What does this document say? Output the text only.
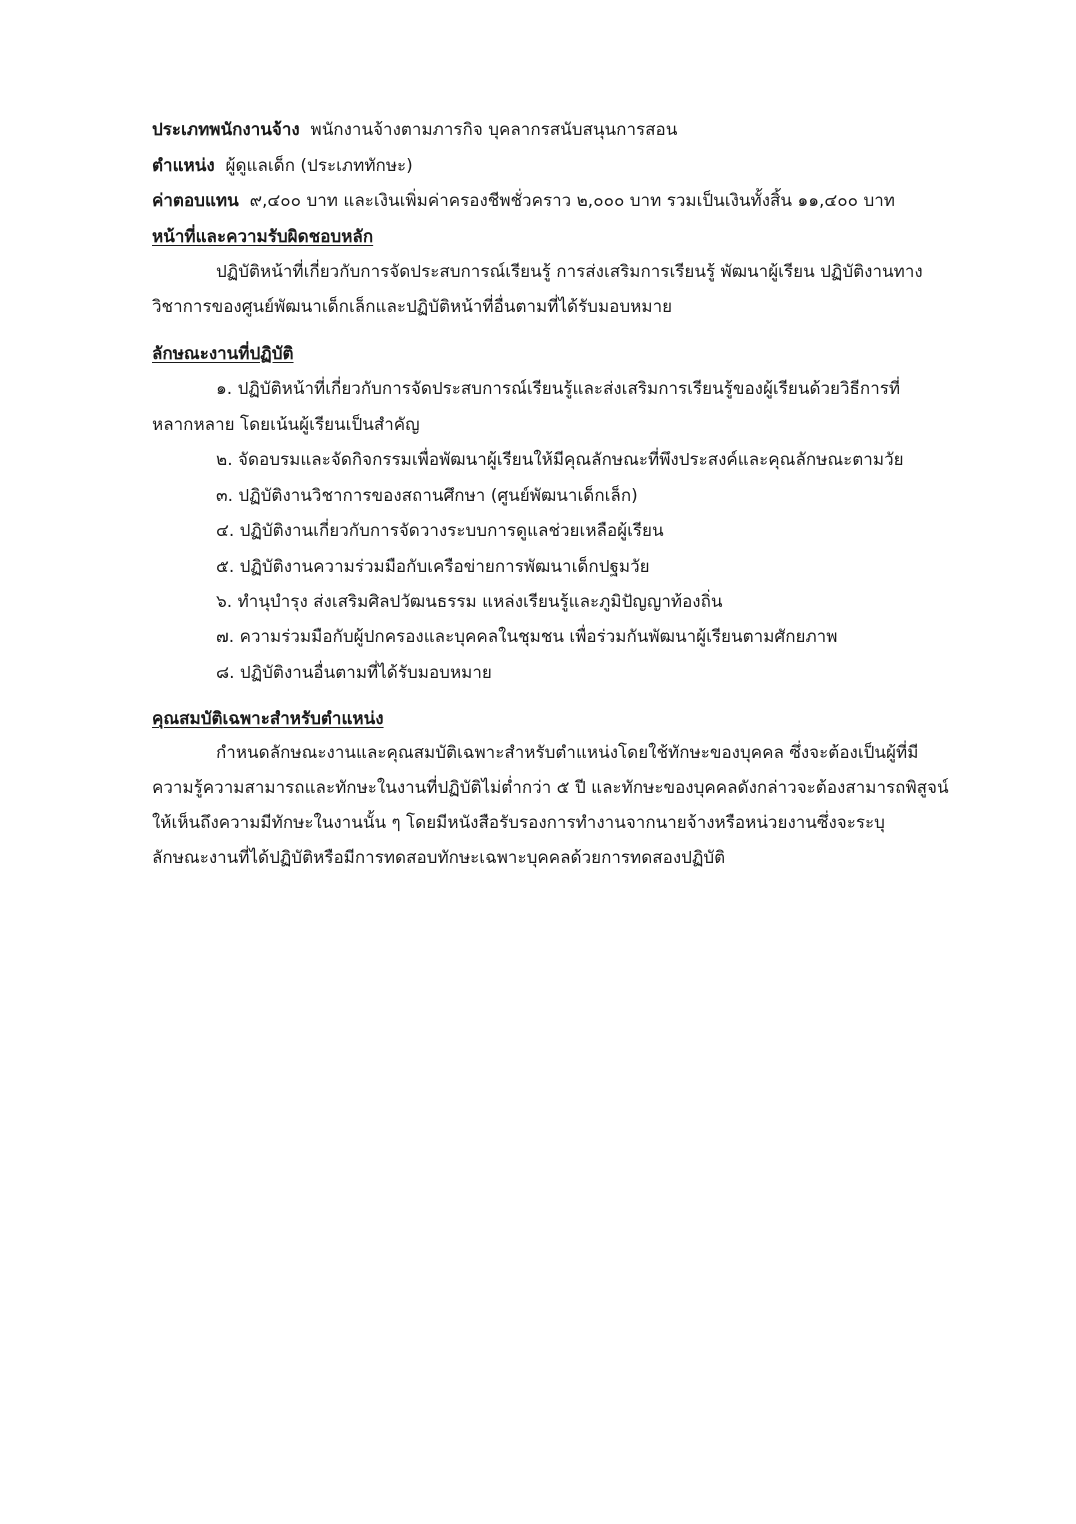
ประเภทพนักงานจ้าง พนักงานจ้างตามภารกิจ บุคลากรสนับสนุนการสอน
ตำแหน่ง ผู้ดูแลเด็ก (ประเภททักษะ)
ค่าตอบแทน ๙,๔๐๐ บาท และเงินเพิ่มค่าครองชีพชั่วคราว ๒,๐๐๐ บาท รวมเป็นเงินทั้งสิ้น ๑๑,๔๐๐ บาท
หน้าที่และความรับผิดชอบหลัก
ปฏิบัติหน้าที่เกี่ยวกับการจัดประสบการณ์เรียนรู้ การส่งเสริมการเรียนรู้ พัฒนาผู้เรียน ปฏิบัติงานทาง
วิชาการของศูนย์พัฒนาเด็กเล็กและปฏิบัติหน้าที่อื่นตามที่ได้รับมอบหมาย
ลักษณะงานที่ปฏิบัติ
๑. ปฏิบัติหน้าที่เกี่ยวกับการจัดประสบการณ์เรียนรู้และส่งเสริมการเรียนรู้ของผู้เรียนด้วยวิธีการที่
หลากหลาย โดยเน้นผู้เรียนเป็นสำคัญ
๒. จัดอบรมและจัดกิจกรรมเพื่อพัฒนาผู้เรียนให้มีคุณลักษณะที่พึงประสงค์และคุณลักษณะตามวัย
๓. ปฏิบัติงานวิชาการของสถานศึกษา (ศูนย์พัฒนาเด็กเล็ก)
๔. ปฏิบัติงานเกี่ยวกับการจัดวางระบบการดูแลช่วยเหลือผู้เรียน
๕. ปฏิบัติงานความร่วมมือกับเครือข่ายการพัฒนาเด็กปฐมวัย
๖. ทำนุบำรุง ส่งเสริมศิลปวัฒนธรรม แหล่งเรียนรู้และภูมิปัญญาท้องถิ่น
๗. ความร่วมมือกับผู้ปกครองและบุคคลในชุมชน เพื่อร่วมกันพัฒนาผู้เรียนตามศักยภาพ
๘. ปฏิบัติงานอื่นตามที่ได้รับมอบหมาย
คุณสมบัติเฉพาะสำหรับตำแหน่ง
กำหนดลักษณะงานและคุณสมบัติเฉพาะสำหรับตำแหน่งโดยใช้ทักษะของบุคคล ซึ่งจะต้องเป็นผู้ที่มี
ความรู้ความสามารถและทักษะในงานที่ปฏิบัติไม่ต่ำกว่า ๕ ปี และทักษะของบุคคลดังกล่าวจะต้องสามารถพิสูจน์
ให้เห็นถึงความมีทักษะในงานนั้น ๆ โดยมีหนังสือรับรองการทำงานจากนายจ้างหรือหน่วยงานซึ่งจะระบุ
ลักษณะงานที่ได้ปฏิบัติหรือมีการทดสอบทักษะเฉพาะบุคคลด้วยการทดสองปฏิบัติ
